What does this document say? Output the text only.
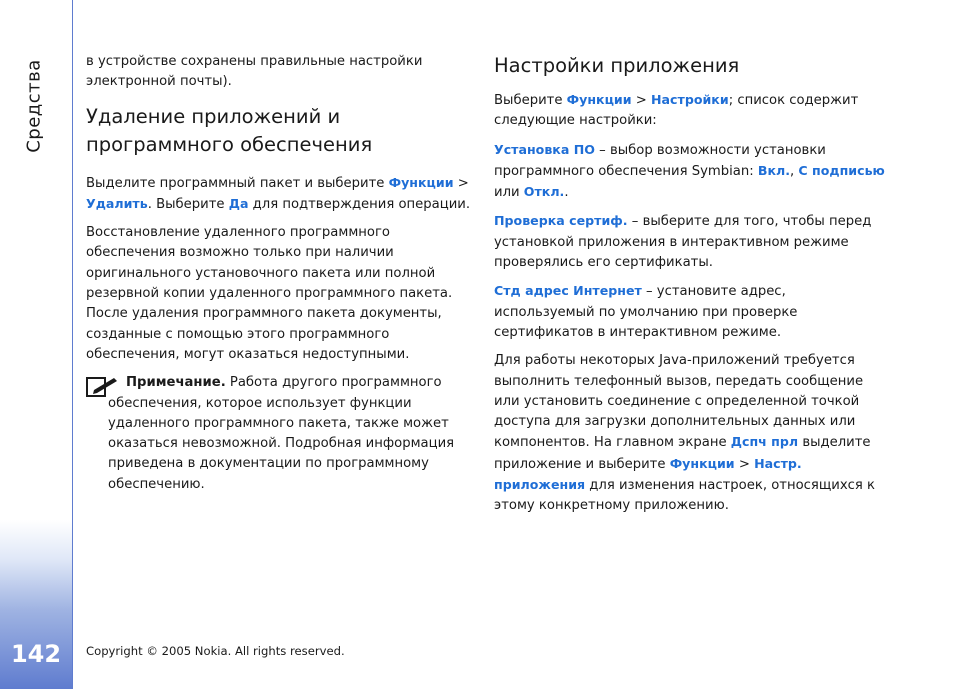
Средства
142

в устройстве сохранены правильные настройки электронной почты).

Удаление приложений и программного обеспечения

Выделите программный пакет и выберите Функции > Удалить. Выберите Да для подтверждения операции.

Восстановление удаленного программного обеспечения возможно только при наличии оригинального установочного пакета или полной резервной копии удаленного программного пакета. После удаления программного пакета документы, созданные с помощью этого программного обеспечения, могут оказаться недоступными.

Примечание. Работа другого программного обеспечения, которое использует функции удаленного программного пакета, также может оказаться невозможной. Подробная информация приведена в документации по программному обеспечению.
Настройки приложения

Выберите Функции > Настройки; список содержит следующие настройки:

Установка ПО – выбор возможности установки программного обеспечения Symbian: Вкл., С подписью или Откл..

Проверка сертиф. – выберите для того, чтобы перед установкой приложения в интерактивном режиме проверялись его сертификаты.

Стд адрес Интернет – установите адрес, используемый по умолчанию при проверке сертификатов в интерактивном режиме.

Для работы некоторых Java-приложений требуется выполнить телефонный вызов, передать сообщение или установить соединение с определенной точкой доступа для загрузки дополнительных данных или компонентов. На главном экране Дспч прл выделите приложение и выберите Функции > Настр. приложения для изменения настроек, относящихся к этому конкретному приложению.

Copyright © 2005 Nokia. All rights reserved.
